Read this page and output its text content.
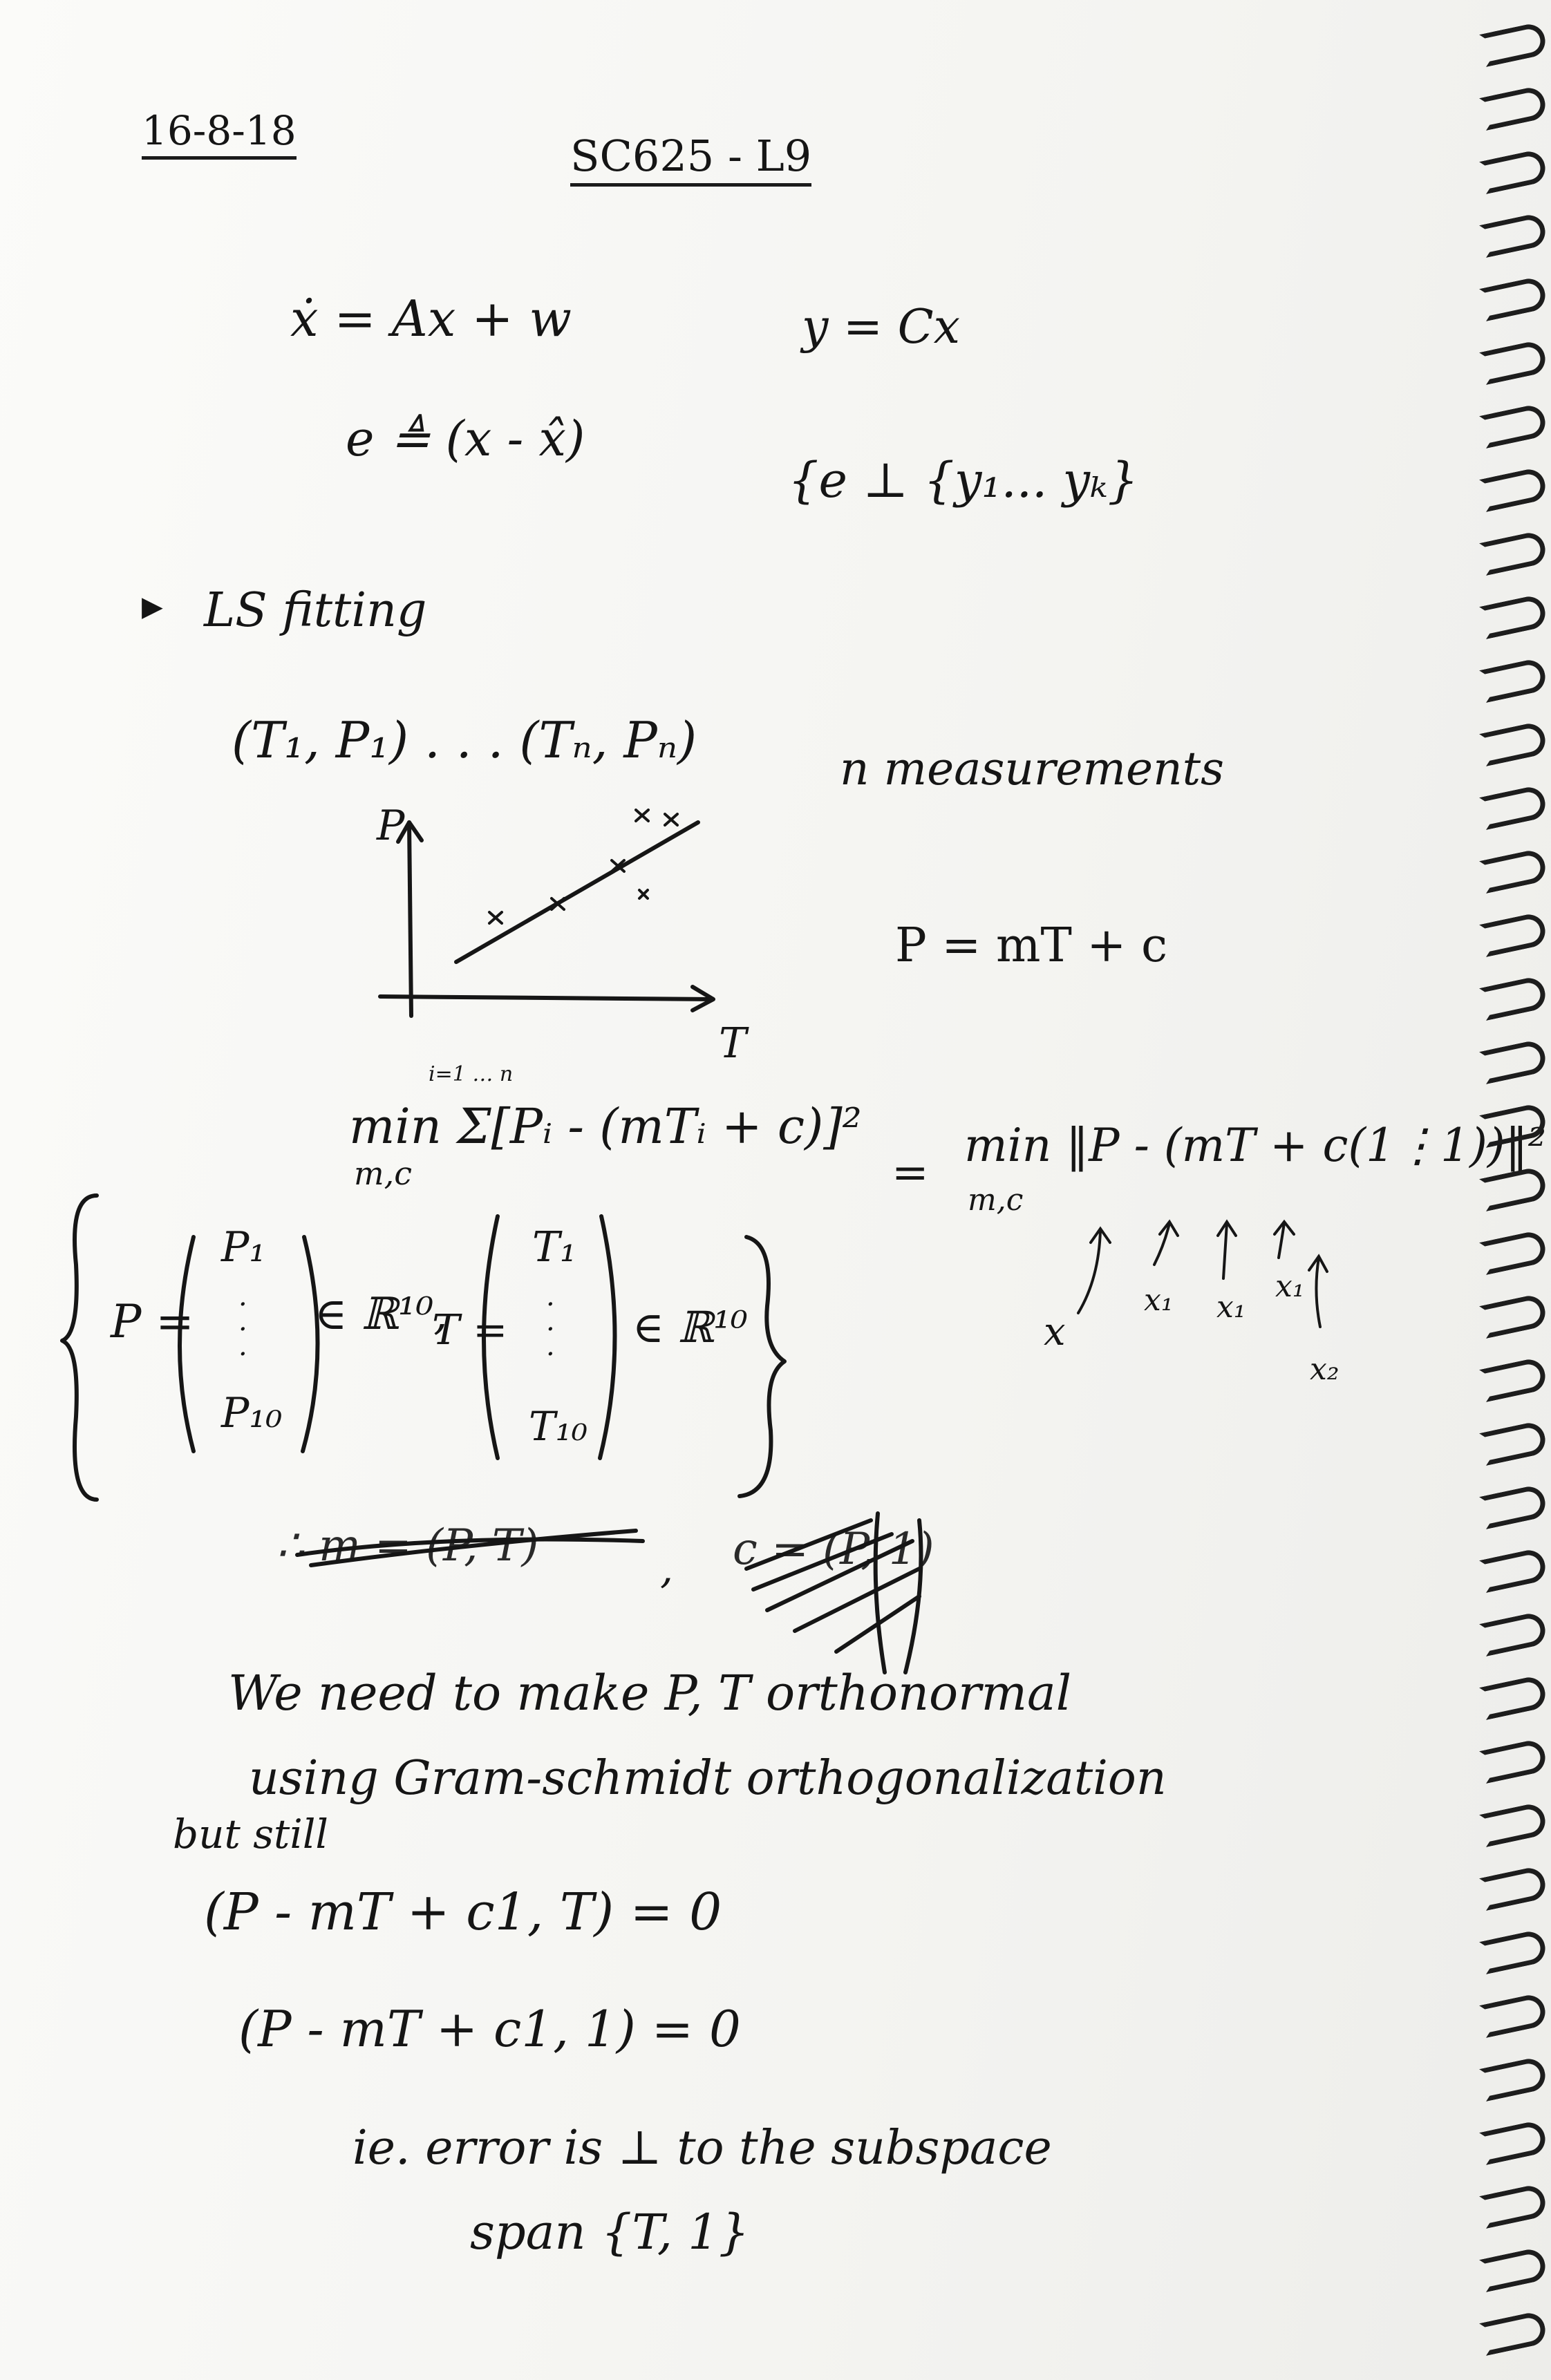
16-8-18	SC625 - L9
ẋ = Ax + w	y = Cx
e ≜ (x - x̂)
{e ⊥ {y₁... yₖ}
▶ LS fitting
(T₁, P₁) . . . (Tₙ, Pₙ)	n measurements
P
T
P = mT + c
min Σ[Pᵢ - (mTᵢ + c)]²
m,c
i=1 … n
=
min ‖P - (mT + c(1⋮1))‖²
m,c
x
x₁ x₁
x₁
x₂
P =
P₁
·
·
·
P₁₀
∈ ℝ¹⁰,
T =
T₁
·
·
·
T₁₀
∈ ℝ¹⁰
∴ m = (P, T)	, c = (P, 1)
We need to make P, T orthonormal
using Gram-schmidt orthogonalization
but still
(P - mT + c1, T) = 0
(P - mT + c1, 1) = 0
ie. error is ⊥ to the subspace
span {T, 1}
